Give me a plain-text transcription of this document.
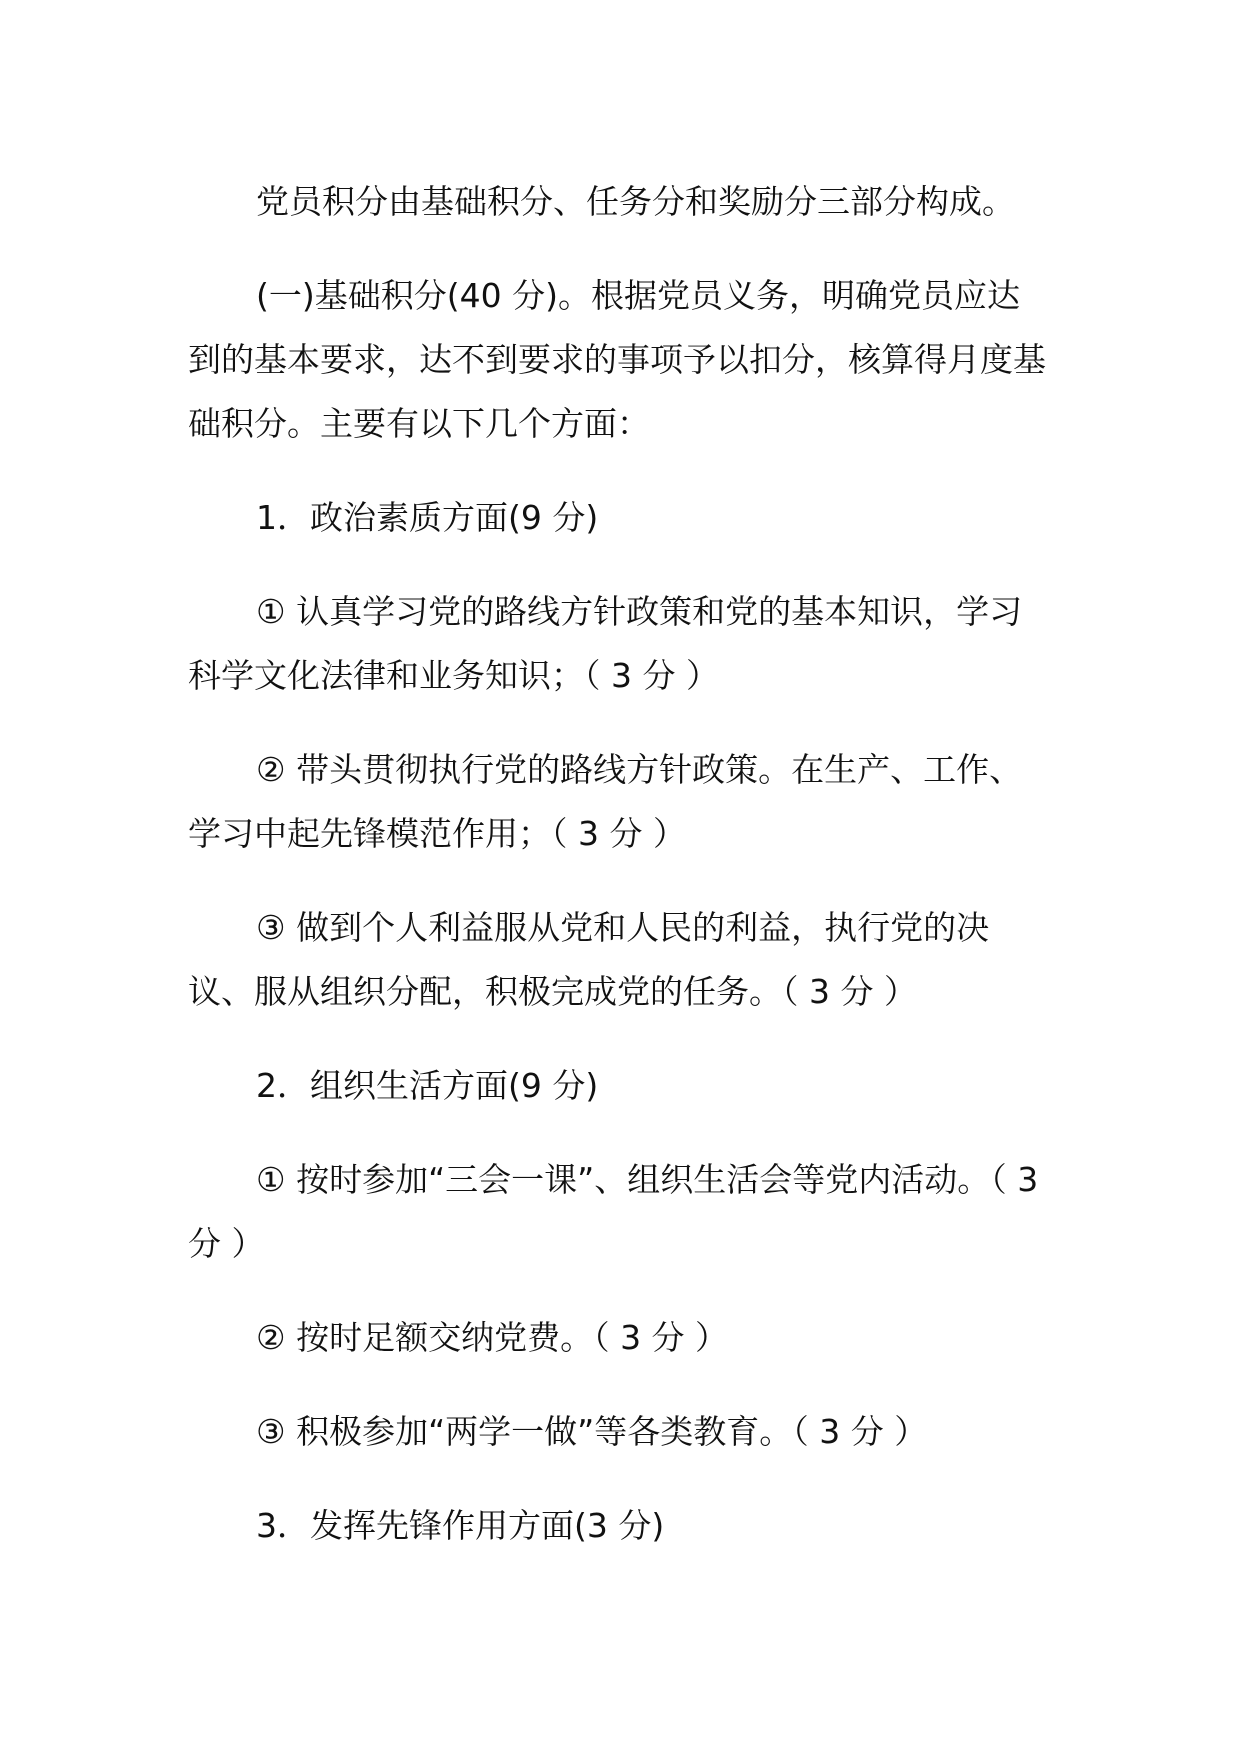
党员积分由基础积分、任务分和奖励分三部分构成。

(一)基础积分(40 分)。根据党员义务，明确党员应达到的基本要求，达不到要求的事项予以扣分，核算得月度基础积分。主要有以下几个方面：

1．政治素质方面(9 分)

① 认真学习党的路线方针政策和党的基本知识，学习科学文化法律和业务知识；（ 3 分 ）

② 带头贯彻执行党的路线方针政策。在生产、工作、学习中起先锋模范作用；（ 3 分 ）

③ 做到个人利益服从党和人民的利益，执行党的决议、服从组织分配，积极完成党的任务。（ 3 分 ）

2．组织生活方面(9 分)

① 按时参加“三会一课”、组织生活会等党内活动。（ 3 分 ）

② 按时足额交纳党费。（ 3 分 ）

③ 积极参加“两学一做”等各类教育。（ 3 分 ）

3．发挥先锋作用方面(3 分)
